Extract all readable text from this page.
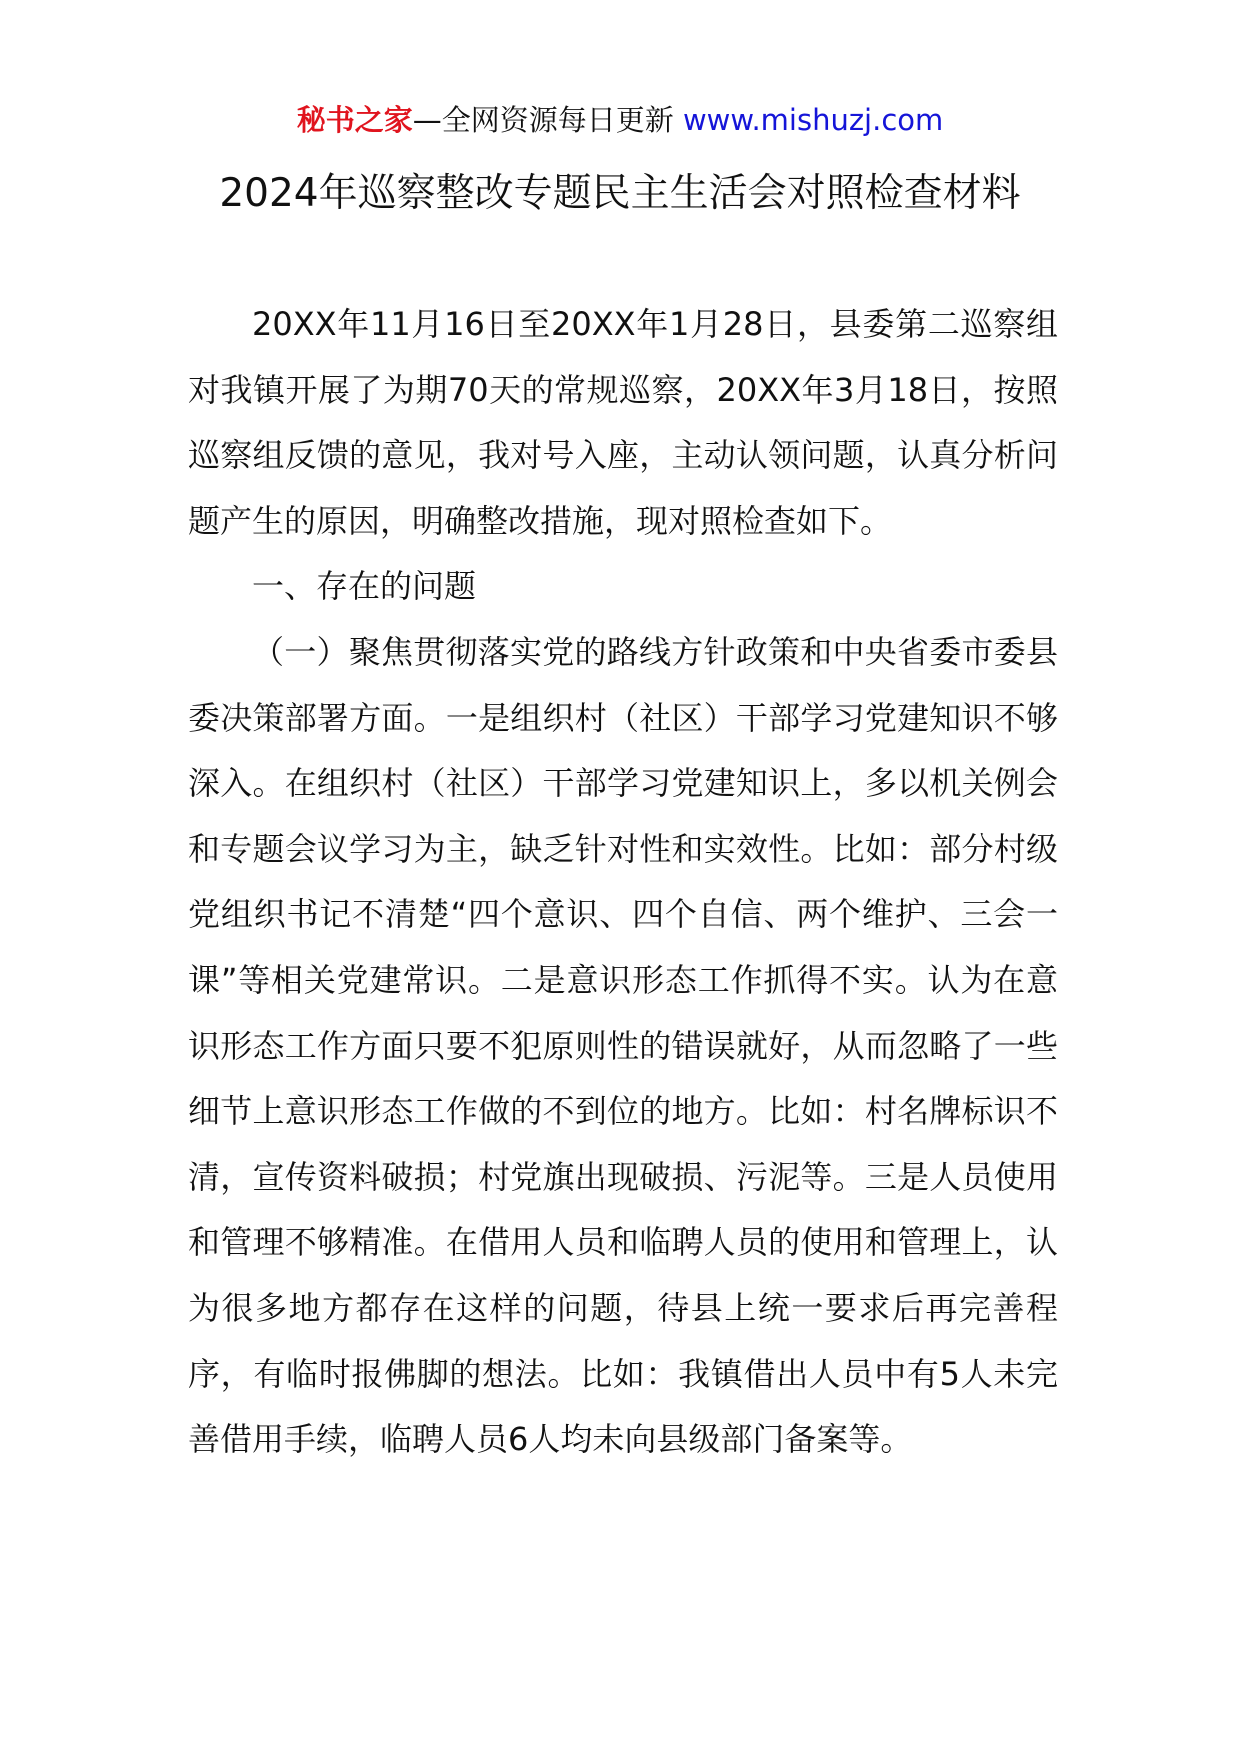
秘书之家—全网资源每日更新 www.mishuzj.com
2024年巡察整改专题民主生活会对照检查材料

20XX年11月16日至20XX年1月28日，县委第二巡察组对我镇开展了为期70天的常规巡察，20XX年3月18日，按照巡察组反馈的意见，我对号入座，主动认领问题，认真分析问题产生的原因，明确整改措施，现对照检查如下。

一、存在的问题

（一）聚焦贯彻落实党的路线方针政策和中央省委市委县委决策部署方面。一是组织村（社区）干部学习党建知识不够深入。在组织村（社区）干部学习党建知识上，多以机关例会和专题会议学习为主，缺乏针对性和实效性。比如：部分村级党组织书记不清楚“四个意识、四个自信、两个维护、三会一课”等相关党建常识。二是意识形态工作抓得不实。认为在意识形态工作方面只要不犯原则性的错误就好，从而忽略了一些细节上意识形态工作做的不到位的地方。比如：村名牌标识不清，宣传资料破损；村党旗出现破损、污泥等。三是人员使用和管理不够精准。在借用人员和临聘人员的使用和管理上，认为很多地方都存在这样的问题，待县上统一要求后再完善程序，有临时报佛脚的想法。比如：我镇借出人员中有5人未完善借用手续，临聘人员6人均未向县级部门备案等。
